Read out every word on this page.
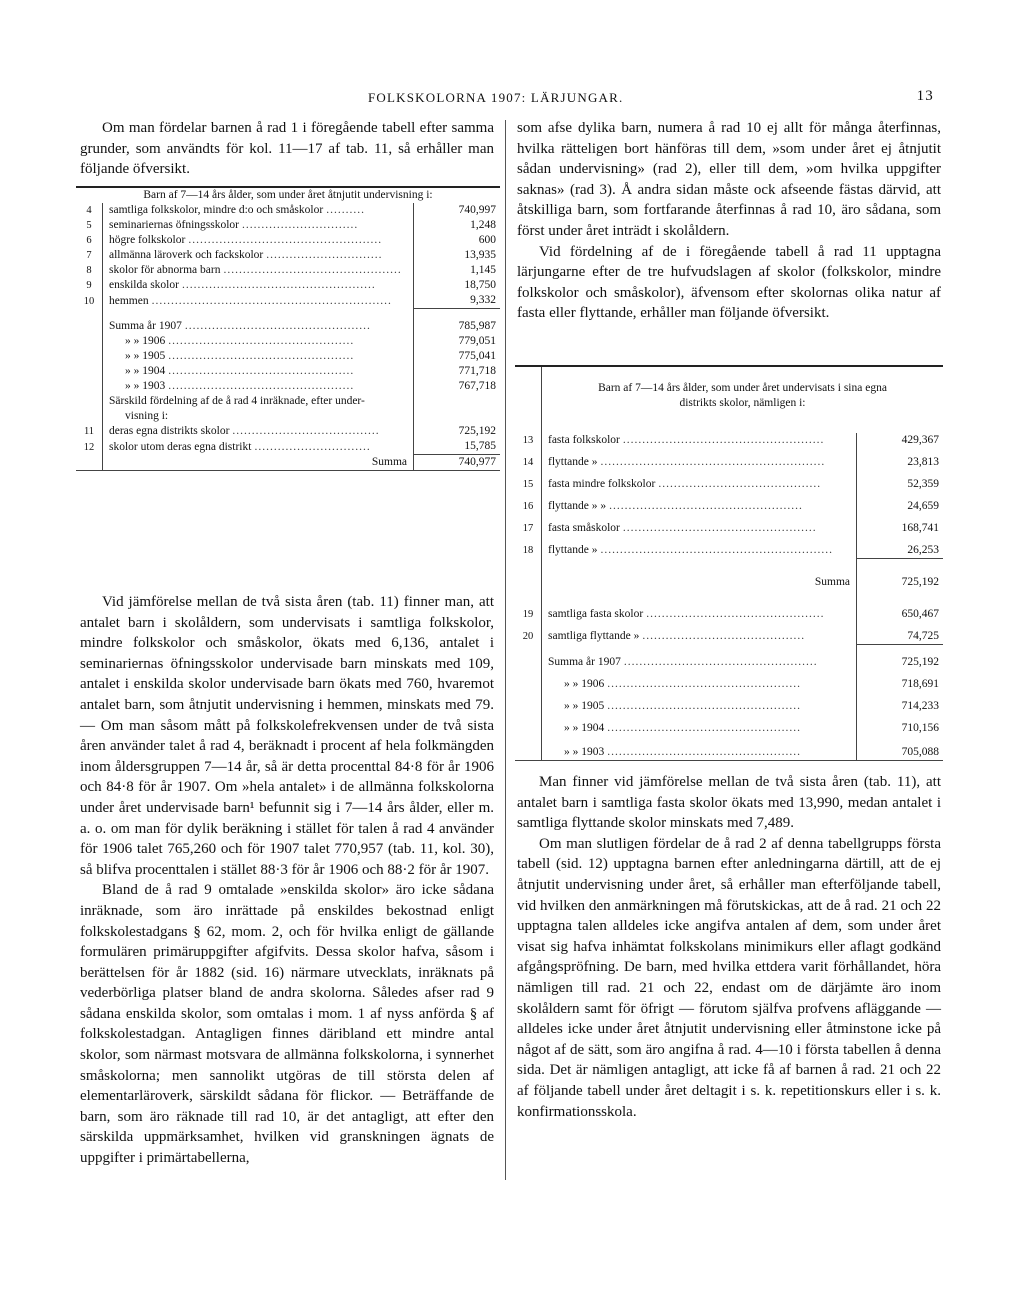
FOLKSKOLORNA 1907: LÄRJUNGAR.	13

Om man fördelar barnen å rad 1 i föregående tabell efter samma grunder, som användts för kol. 11—17 af tab. 11, så erhåller man följande öfversikt.

Barn af 7—14 års ålder, som under året åtnjutit undervisning i:		
4	samtliga folkskolor, mindre d:o och småskolor ..........	740,997
5	seminariernas öfningsskolor ..............................	1,248
6	högre folkskolor ..................................................	600
7	allmänna läroverk och fackskolor ..............................	13,935
8	skolor för abnorma barn ..............................................	1,145
9	enskilda skolor ..................................................	18,750
10	hemmen ..............................................................	9,332

	Summa år 1907 ................................................	785,987
	» » 1906 ................................................	779,051
	» » 1905 ................................................	775,041
	» » 1904 ................................................	771,718
	» » 1903 ................................................	767,718
	Särskild fördelning af de å rad 4 inräknade, efter under-	
	visning i:	
11	deras egna distrikts skolor ......................................	725,192
12	skolor utom deras egna distrikt ..............................	15,785
	Summa	740,977

Vid jämförelse mellan de två sista åren (tab. 11) finner man, att antalet barn i skolåldern, som undervisats i samtliga folkskolor, mindre folkskolor och småskolor, ökats med 6,136, antalet i seminariernas öfningsskolor undervisade barn minskats med 109, antalet i enskilda skolor undervisade barn ökats med 760, hvaremot antalet barn, som åtnjutit undervisning i hemmen, minskats med 79. — Om man såsom mått på folkskolefrekvensen under de två sista åren använder talet å rad 4, beräknadt i procent af hela folkmängden inom åldersgruppen 7—14 år, så är detta procenttal 84·8 för år 1906 och 84·8 för år 1907. Om »hela antalet» i de allmänna folkskolorna under året undervisade barn¹ befunnit sig i 7—14 års ålder, eller m. a. o. om man för dylik beräkning i stället för talen å rad 4 använder för 1906 talet 765,260 och för 1907 talet 770,957 (tab. 11, kol. 30), så blifva procenttalen i stället 88·3 för år 1906 och 88·2 för år 1907.

Bland de å rad 9 omtalade »enskilda skolor» äro icke sådana inräknade, som äro inrättade på enskildes bekostnad enligt folkskolestadgans § 62, mom. 2, och för hvilka enligt de gällande formulären primäruppgifter afgifvits. Dessa skolor hafva, såsom i berättelsen för år 1882 (sid. 16) närmare utvecklats, inräknats på vederbörliga platser bland de andra skolorna. Således afser rad 9 sådana enskilda skolor, som omtalas i mom. 1 af nyss anförda § af folkskolestadgan. Antagligen finnes däribland ett mindre antal skolor, som närmast motsvara de allmänna folkskolorna, i synnerhet småskolorna; men sannolikt utgöras de till största delen af elementarläroverk, särskildt sådana för flickor. — Beträffande de barn, som äro räknade till rad 10, är det antagligt, att efter den särskilda uppmärksamhet, hvilken vid granskningen ägnats de uppgifter i primärtabellerna,

som afse dylika barn, numera å rad 10 ej allt för många återfinnas, hvilka rätteligen bort hänföras till dem, »som under året ej åtnjutit sådan undervisning» (rad 2), eller till dem, »om hvilka uppgifter saknas» (rad 3). Å andra sidan måste ock afseende fästas därvid, att åtskilliga barn, som fortfarande återfinnas å rad 10, äro sådana, som först under året inträdt i skolåldern.

Vid fördelning af de i föregående tabell å rad 11 upptagna lärjungarne efter de tre hufvudslagen af skolor (folkskolor, mindre folkskolor och småskolor), äfvensom efter skolornas olika natur af fasta eller flyttande, erhåller man följande öfversikt.

	Barn af 7—14 års ålder, som under året undervisats i sina egna
distrikts skolor, nämligen i:	

13	fasta folkskolor ....................................................	429,367
14	flyttande » ..........................................................	23,813
15	fasta mindre folkskolor ..........................................	52,359
16	flyttande » » ..................................................	24,659
17	fasta småskolor ..................................................	168,741
18	flyttande » ............................................................	26,253
	Summa	725,192

19	samtliga fasta skolor ..............................................	650,467
20	samtliga flyttande » ..........................................	74,725
	Summa år 1907 ..................................................	725,192
	» » 1906 ..................................................	718,691
	» » 1905 ..................................................	714,233
	» » 1904 ..................................................	710,156
	» » 1903 ..................................................	705,088

Man finner vid jämförelse mellan de två sista åren (tab. 11), att antalet barn i samtliga fasta skolor ökats med 13,990, medan antalet i samtliga flyttande skolor minskats med 7,489.

Om man slutligen fördelar de å rad 2 af denna tabellgrupps första tabell (sid. 12) upptagna barnen efter anledningarna därtill, att de ej åtnjutit undervisning under året, så erhåller man efterföljande tabell, vid hvilken den anmärkningen må förutskickas, att de å rad. 21 och 22 upptagna talen alldeles icke angifva antalen af dem, som under året visat sig hafva inhämtat folkskolans minimikurs eller aflagt godkänd afgångspröfning. De barn, med hvilka ettdera varit förhållandet, höra nämligen till rad. 21 och 22, endast om de därjämte äro inom skolåldern samt för öfrigt — förutom själfva profvens afläggande — alldeles icke under året åtnjutit undervisning eller åtminstone icke på något af de sätt, som äro angifna å rad. 4—10 i första tabellen å denna sida. Det är nämligen antagligt, att icke få af barnen å rad. 21 och 22 af följande tabell under året deltagit i s. k. repetitionskurs eller i s. k. konfirmationsskola.
